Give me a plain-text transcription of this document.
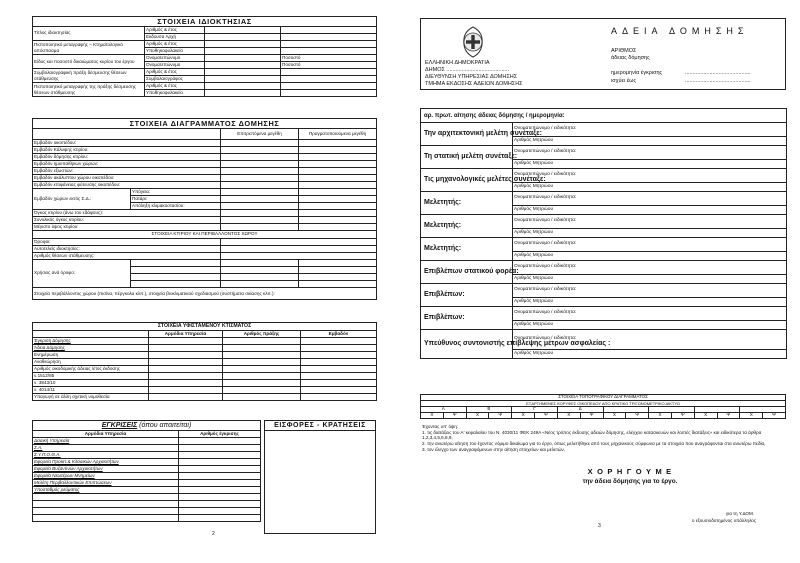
ΣΤΟΙΧΕΙΑ ΙΔΙΟΚΤΗΣΙΑΣ			
Τίτλος ιδιοκτησίας	Αριθμός & έτος		
	Εκδουσα Αρχή		
Πιστοποιητικό μεταγραφής – Κτηματολογικό απόσπασμα	Αριθμός & έτος		
	Υποθηκοφυλακείο		
Είδος και ποσοστό δικαιώματος κυρίου του έργου	Ονοματεπώνυμο		Ποσοστό
	Ονοματεπώνυμο		Ποσοστό
Συμβολαιογραφική πράξη δέσμευσης θέσεων στάθμευσης	Αριθμός & έτος		
	Συμβολαιογράφος		
Πιστοποιητικό μεταγραφής της πράξης δέσμευσης θέσεων στάθμευσης	Αριθμός & έτος		
	Υποθηκοφυλακείο		
ΣΤΟΙΧΕΙΑ ΔΙΑΓΡΑΜΜΑΤΟΣ ΔΟΜΗΣΗΣ			
		Επιτρεπόμενα μεγέθη	Πραγματοποιούμενα μεγέθη
Εμβαδόν οικοπέδου:			
Εμβαδόν Κάλυψης κτιρίου:			
Εμβαδόν δόμησης κτιρίου:			
Εμβαδόν ημιυπαίθριων χώρων:			
Εμβαδόν εξωστών:			
Εμβαδόν ακάλυπτου χώρου οικοπέδου:			
Εμβαδόν επιφάνειας φύτευσης οικοπέδου:			
Εμβαδόν χώρων εκτός Σ.Δ.:	Υπόγεια:		
	Πατάρι:		
	Απόληξη κλιμακοστασίου:		
Όγκος κτιρίου (άνω του εδάφους):			
Συνολικός όγκος κτιρίου:			
Μέγιστο ύψος κτιρίου:			
ΣΤΟΙΧΕΙΑ ΚΤΙΡΙΟΥ ΚΑΙ ΠΕΡΙΒΑΛΛΟΝΤΟΣ ΧΩΡΟΥ			
Όροφοι:			
Αυτοτελείς ιδιοκτησίες:			
Αριθμός θέσεων στάθμευσης:			
Χρήσεις ανά όροφο:			

Στοιχεία περιβάλλοντος χώρου (πισίνα, πέργκολα κλπ.), στοιχεία βιοκλιματικού σχεδιασμού (συστήματα σκίασης κλπ.):			
ΣΤΟΙΧΕΙΑ ΥΦΙΣΤΑΜΕΝΟΥ ΚΤΙΣΜΑΤΟΣ			
	Αρμόδια Υπηρεσία	Αριθμός πράξης	Εμβαδόν
Έγκριση Δόμησης			
Άδεια Δόμησης			
Ενημέρωση			
Αναθεώρηση			
Αριθμός οικοδομικής άδειας /έτος έκδοσης			
ν.1512/85			
ν. 3843/10			
ν. 4014/11			
Υπαγωγή σε άλλη σχετική νομοθεσία			
ΕΓΚΡΙΣΕΙΣ (όπου απαιτείται)	
Αρμόδια Υπηρεσία	Αριθμός έγκρισης
Δασική Υπηρεσία	
Σ.Α.	
Σ.Υ.Π.Ο.Θ.Α.	
Εφορεία Προϊστ.& Κλασικών Αρχαιοτήτων	
Εφορεία Βυζαντινών Αρχαιοτήτων	
Εφορεία Νεωτέρων Μνημείων	
Μελέτη Περιβαλλοντικών Επιπτώσεων	
Υποσταθμός ρεύματος	

ΕΙΣΦΟΡΕΣ - ΚΡΑΤΗΣΕΙΣ

2
ΕΛΛΗΝΙΚΗ ΔΗΜΟΚΡΑΤΙΑ
ΔΗΜΟΣ .........................................
ΔΙΕΥΘΥΝΣΗ ΥΠΗΡΕΣΙΑΣ ΔΟΜΗΣΗΣ
ΤΜΗΜΑ ΕΚΔΟΣΗΣ ΑΔΕΙΩΝ ΔΟΜΗΣΗΣ
ΑΔΕΙΑ ΔΟΜΗΣΗΣ
ΑΡΙΘΜΟΣ
άδειας δόμησης
ημερομηνία έγκρισης
ισχύει έως
...........................................
...........................................
αρ. πρωτ. αίτησης άδειας δόμησης / ημερομηνία:	
Την αρχιτεκτονική μελέτη συνέταξε:	Ονοματεπώνυμο / ειδικότητα:
	Αριθμός Μητρώου
Τη στατική μελέτη συνέταξε:	Ονοματεπώνυμο / ειδικότητα:
	Αριθμός Μητρώου
Τις μηχανολογικές μελέτες συνέταξε:	Ονοματεπώνυμο / ειδικότητα:
	Αριθμός Μητρώου
Μελετητής:	Ονοματεπώνυμο / ειδικότητα:
	Αριθμός Μητρώου
Μελετητής:	Ονοματεπώνυμο / ειδικότητα:
	Αριθμός Μητρώου
Μελετητής:	Ονοματεπώνυμο / ειδικότητα:
	Αριθμός Μητρώου
Επιβλέπων στατικού φορέα:	Ονοματεπώνυμο / ειδικότητα:
	Αριθμός Μητρώου
Επιβλέπων:	Ονοματεπώνυμο / ειδικότητα:
	Αριθμός Μητρώου
Επιβλέπων:	Ονοματεπώνυμο / ειδικότητα:
	Αριθμός Μητρώου
Υπεύθυνος συντονιστής επίβλεψης μέτρων ασφαλείας :	Ονοματεπώνυμο / ειδικότητα:
	Αριθμός Μητρώου
ΣΤΟΙΧΕΙΑ ΤΟΠΟΓΡΑΦΙΚΟΥ ΔΙΑΓΡΑΜΜΑΤΟΣ															
ΕΞΑΡΤΗΜΕΝΕΣ ΚΟΡΥΦΕΣ ΟΙΚΟΠΕΔΟΥ ΑΠΟ ΚΡΑΤΙΚΟ ΤΡΙΓΩΝΟΜΕΤΡΙΚΟ ΔΙΚΤΥΟ															
Α		Β		Γ		Δ									
Χ	Ψ	Χ	Ψ	Χ	Ψ	Χ	Ψ	Χ	Ψ	Χ	Ψ	Χ	Ψ	Χ	Ψ
Έχοντας υπ' όψη:
1. τις διατάξεις του Α' κεφαλαίου του Ν. 4030/11 ΦΕΚ 249Α «Νέος τρόπος έκδοσης αδειών δόμησης, ελέγχου κατασκευών και λοιπές διατάξεις» και ειδικότερα τα άρθρα 1,2,3,4,5,6,8,9,
2. την ανωτέρω αίτηση του έχοντος νόμιμο δικαίωμα για το έργο, όπως μελετήθηκε από τους μηχανικούς σύμφωνα με τα στοιχεία που αναγράφονται στα ανωτέρω πεδία,
3. τον έλεγχο των αναγραφόμενων στην αίτηση στοιχείων και μελετών,
Χ Ο Ρ Η Γ Ο Υ Μ Ε
την άδεια δόμησης για το έργο.
για τη Υ.ΔΟΜ.
ο εξουσιοδοτημένος υπάλληλος
3
